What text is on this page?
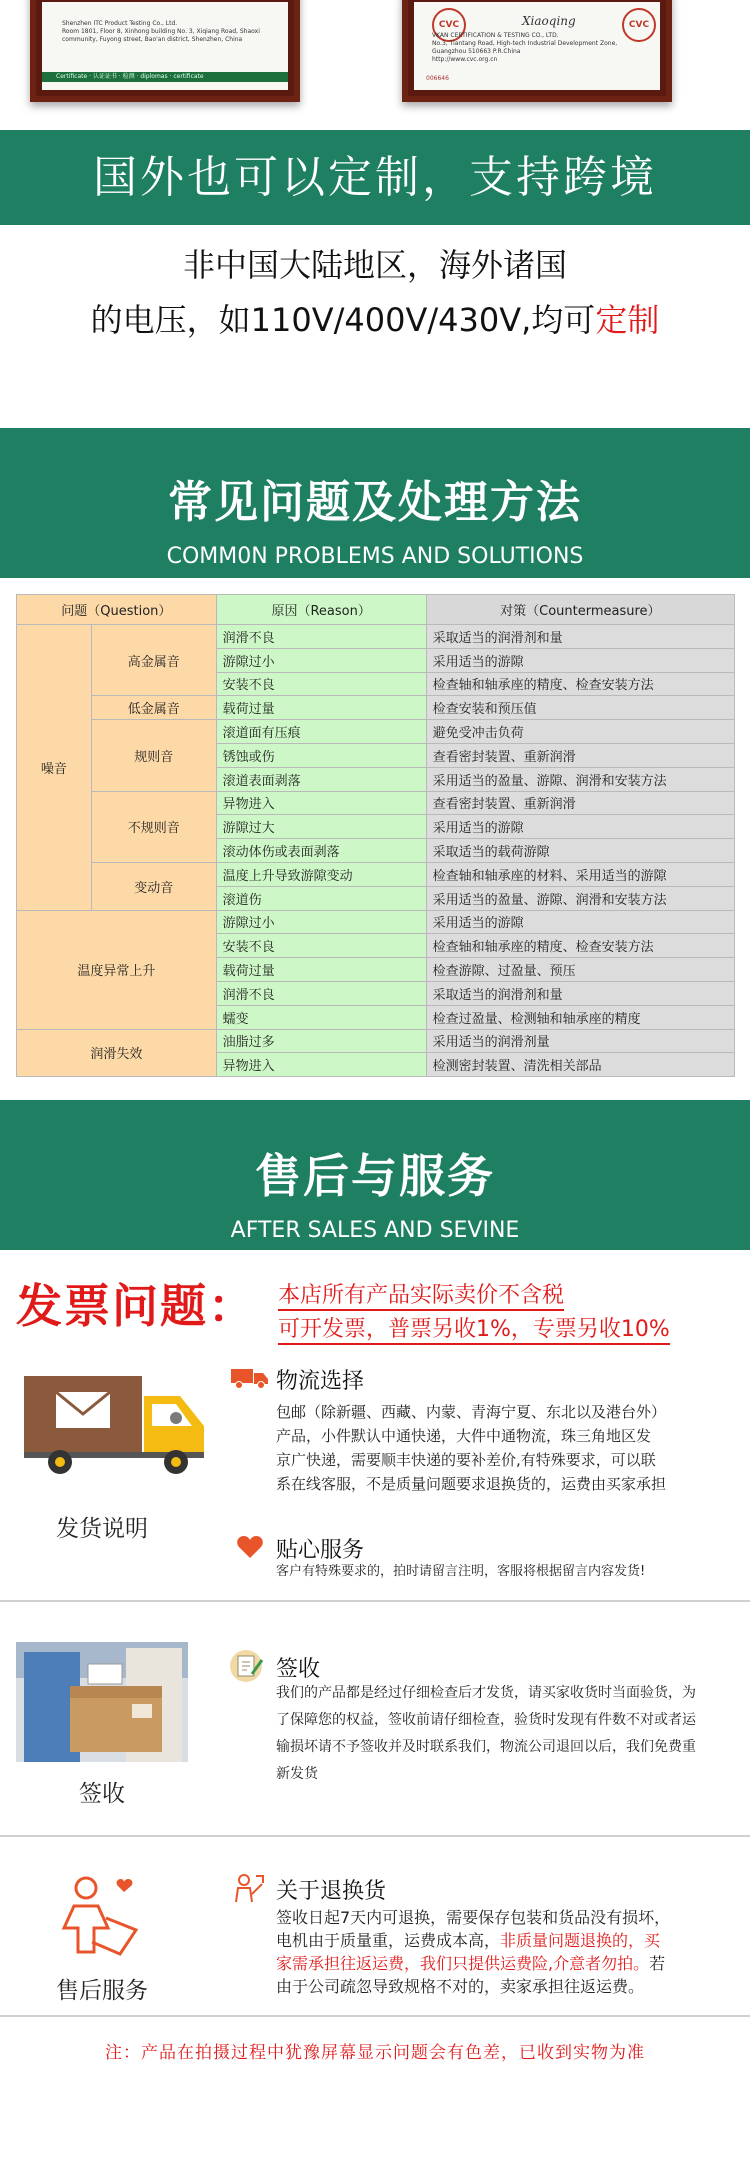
Shenzhen ITC Product Testing Co., Ltd.
Room 1801, Floor 8, Xinhong building No. 3, Xiqiang Road, Shaoxi community, Fuyong street, Bao'an district, Shenzhen, China
Certificate · 认证证书 · 检测 · diplomas · certificate
CVC	Xiaoqing	CVC
VKAN CERTIFICATION & TESTING CO., LTD.
No.3, Tiantang Road, High-tech Industrial Development Zone, Guangzhou 510663 P.R.China
http://www.cvc.org.cn
006646
国外也可以定制，支持跨境
非中国大陆地区，海外诸国
的电压，如110V/400V/430V,均可定制
常见问题及处理方法
COMM0N PROBLEMS AND SOLUTIONS
问题（Question）		原因（Reason）	对策（Countermeasure）
噪音	高金属音	润滑不良	采取适当的润滑剂和量
		游隙过小	采用适当的游隙
		安装不良	检查轴和轴承座的精度、检查安装方法
	低金属音	载荷过量	检查安装和预压值
	规则音	滚道面有压痕	避免受冲击负荷
		锈蚀或伤	查看密封装置、重新润滑
		滚道表面剥落	采用适当的盈量、游隙、润滑和安装方法
	不规则音	异物进入	查看密封装置、重新润滑
		游隙过大	采用适当的游隙
		滚动体伤或表面剥落	采取适当的载荷游隙
	变动音	温度上升导致游隙变动	检查轴和轴承座的材料、采用适当的游隙
		滚道伤	采用适当的盈量、游隙、润滑和安装方法
温度异常上升		游隙过小	采用适当的游隙
		安装不良	检查轴和轴承座的精度、检查安装方法
		载荷过量	检查游隙、过盈量、预压
		润滑不良	采取适当的润滑剂和量
		蠕变	检查过盈量、检测轴和轴承座的精度
润滑失效		油脂过多	采用适当的润滑剂量
		异物进入	检测密封装置、清洗相关部品
售后与服务
AFTER SALES AND SEVINE
发票问题： 本店所有产品实际卖价不含税
可开发票，普票另收1%，专票另收10%
发货说明
物流选择
包邮（除新疆、西藏、内蒙、青海宁夏、东北以及港台外）
产品，小件默认中通快递，大件中通物流，珠三角地区发
京广快递，需要顺丰快递的要补差价,有特殊要求，可以联
系在线客服，不是质量问题要求退换货的，运费由买家承担
贴心服务
客户有特殊要求的，拍时请留言注明，客服将根据留言内容发货!
签收
签收
我们的产品都是经过仔细检查后才发货，请买家收货时当面验货，为
了保障您的权益，签收前请仔细检查，验货时发现有件数不对或者运
输损坏请不予签收并及时联系我们，物流公司退回以后，我们免费重
新发货
售后服务
关于退换货
签收日起7天内可退换，需要保存包装和货品没有损坏，
电机由于质量重，运费成本高，非质量问题退换的，买
家需承担往返运费，我们只提供运费险,介意者勿拍。若
由于公司疏忽导致规格不对的，卖家承担往返运费。
注：产品在拍摄过程中犹豫屏幕显示问题会有色差，已收到实物为准
